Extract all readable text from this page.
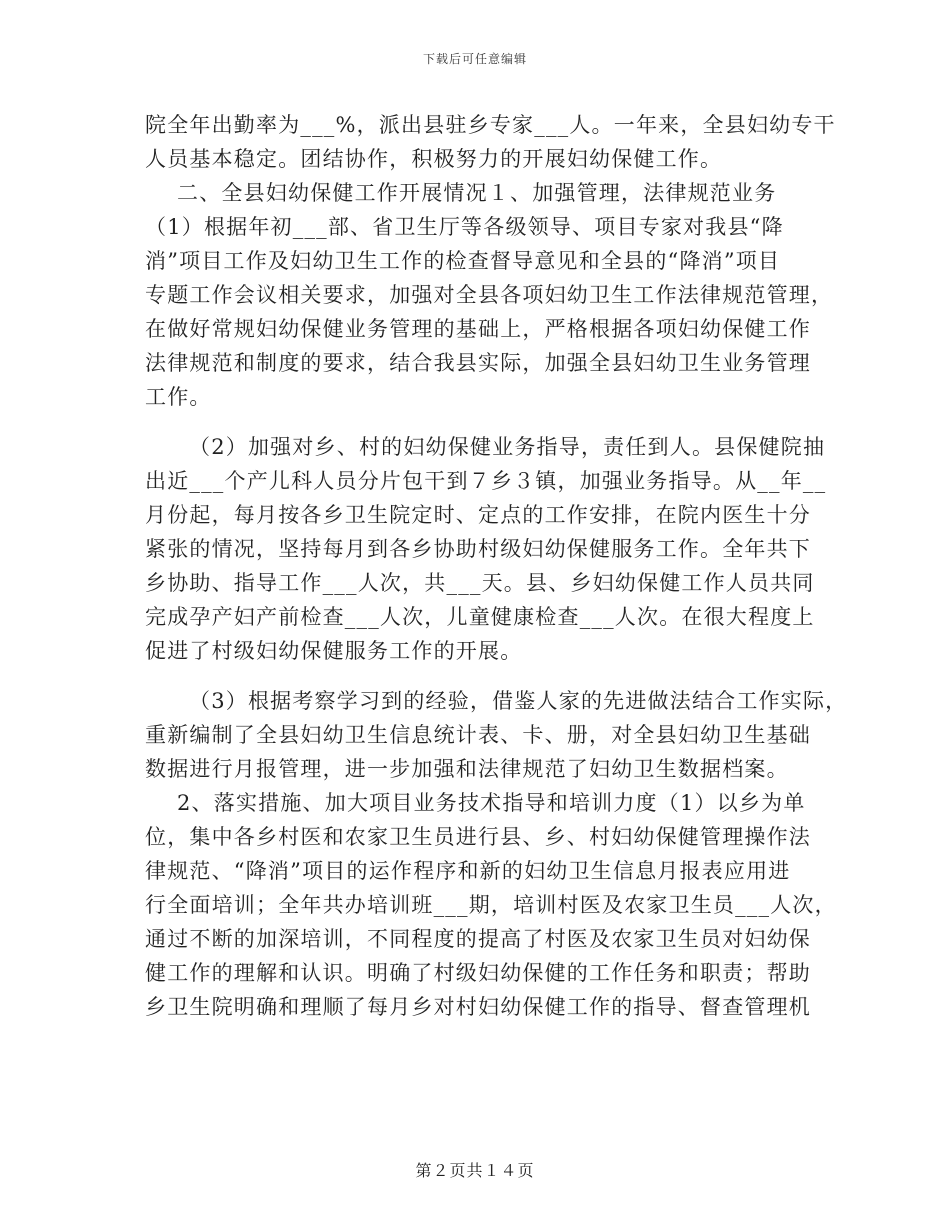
下载后可任意编辑
院全年出勤率为___%，派出县驻乡专家___人。一年来，全县妇幼专干
人员基本稳定。团结协作，积极努力的开展妇幼保健工作。
二、全县妇幼保健工作开展情况１、加强管理，法律规范业务
（1）根据年初___部、省卫生厅等各级领导、项目专家对我县“降
消”项目工作及妇幼卫生工作的检查督导意见和全县的“降消”项目
专题工作会议相关要求，加强对全县各项妇幼卫生工作法律规范管理，
在做好常规妇幼保健业务管理的基础上，严格根据各项妇幼保健工作
法律规范和制度的要求，结合我县实际，加强全县妇幼卫生业务管理
工作。
（2）加强对乡、村的妇幼保健业务指导，责任到人。县保健院抽
出近___个产儿科人员分片包干到７乡３镇，加强业务指导。从__年__
月份起，每月按各乡卫生院定时、定点的工作安排，在院内医生十分
紧张的情况，坚持每月到各乡协助村级妇幼保健服务工作。全年共下
乡协助、指导工作___人次，共___天。县、乡妇幼保健工作人员共同
完成孕产妇产前检查___人次，儿童健康检查___人次。在很大程度上
促进了村级妇幼保健服务工作的开展。
（3）根据考察学习到的经验，借鉴人家的先进做法结合工作实际，
重新编制了全县妇幼卫生信息统计表、卡、册，对全县妇幼卫生基础
数据进行月报管理，进一步加强和法律规范了妇幼卫生数据档案。
2、落实措施、加大项目业务技术指导和培训力度（1）以乡为单
位，集中各乡村医和农家卫生员进行县、乡、村妇幼保健管理操作法
律规范、“降消”项目的运作程序和新的妇幼卫生信息月报表应用进
行全面培训；全年共办培训班___期，培训村医及农家卫生员___人次，
通过不断的加深培训，不同程度的提高了村医及农家卫生员对妇幼保
健工作的理解和认识。明确了村级妇幼保健的工作任务和职责；帮助
乡卫生院明确和理顺了每月乡对村妇幼保健工作的指导、督查管理机
第２页共１４页
